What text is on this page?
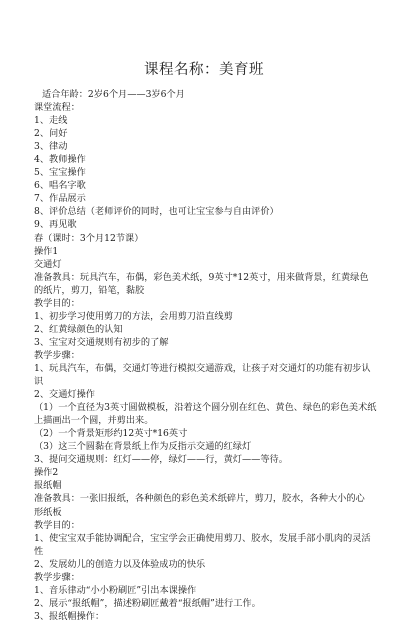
课程名称：美育班
适合年龄：2岁6个月——3岁6个月
课堂流程：
1、走线
2、问好
3、律动
4、教师操作
5、宝宝操作
6、唱名字歌
7、作品展示
8、评价总结（老师评价的同时，也可让宝宝参与自由评价）
9、再见歌
春（课时：3个月12节课）
操作1
交通灯
准备教具：玩具汽车，布偶，彩色美术纸，9英寸*12英寸，用来做背景，红黄绿色
的纸片，剪刀，铅笔，黏胶
教学目的：
1、初步学习使用剪刀的方法，会用剪刀沿直线剪
2、红黄绿颜色的认知
3、宝宝对交通规则有初步的了解
教学步骤：
1、玩具汽车，布偶，交通灯等进行模拟交通游戏，让孩子对交通灯的功能有初步认
识
2、交通灯操作
（1）一个直径为3英寸圆做模板，沿着这个圆分别在红色、黄色、绿色的彩色美术纸
上描画出一个圆，并剪出来。
（2）一个背景矩形约12英寸*16英寸
（3）这三个圆黏在背景纸上作为反指示交通的红绿灯
3、提问交通规则：红灯——停，绿灯——行，黄灯——等待。
操作2
报纸帽
准备教具：一张旧报纸，各种颜色的彩色美术纸碎片，剪刀，胶水，各种大小的心
形纸板
教学目的：
1、使宝宝双手能协调配合，宝宝学会正确使用剪刀、胶水，发展手部小肌肉的灵活
性
2、发展幼儿的创造力以及体验成功的快乐
教学步骤：
1、音乐律动“小小粉刷匠”引出本课操作
2、展示“报纸帽”，描述粉刷匠戴着“报纸帽”进行工作。
3、报纸帽操作：
